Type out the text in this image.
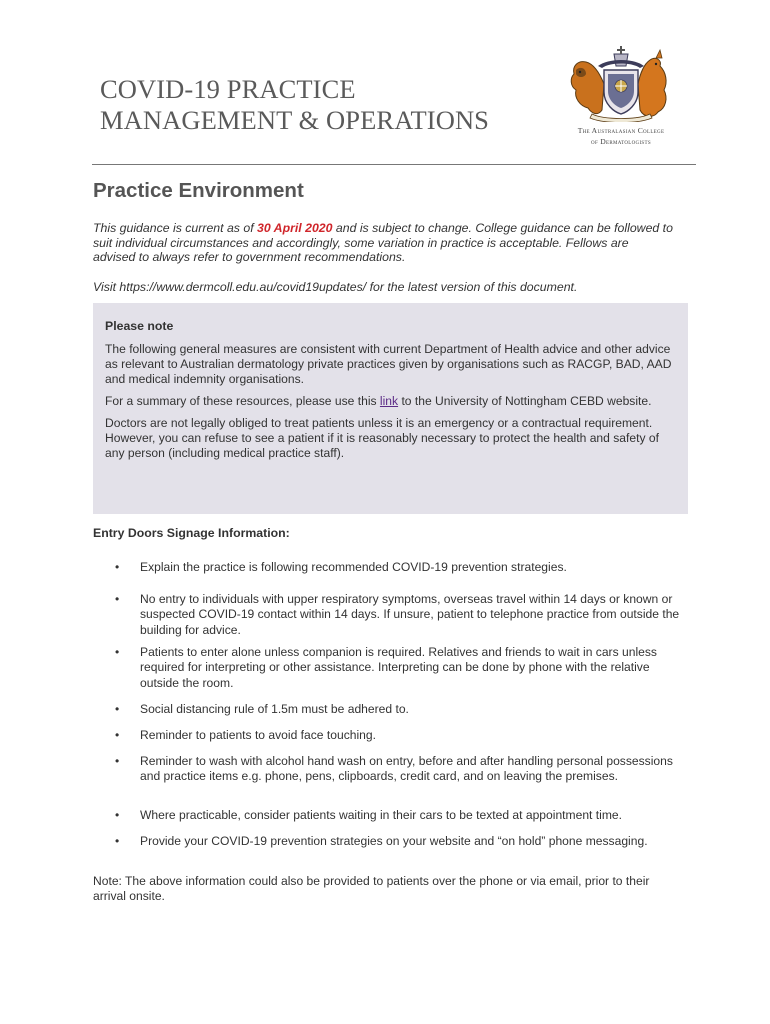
COVID-19 PRACTICE
MANAGEMENT & OPERATIONS	The Australasian College
of Dermatologists
Practice Environment

This guidance is current as of 30 April 2020 and is subject to change. College guidance can be followed to suit individual circumstances and accordingly, some variation in practice is acceptable. Fellows are advised to always refer to government recommendations.

Visit https://www.dermcoll.edu.au/covid19updates/ for the latest version of this document.

Please note

The following general measures are consistent with current Department of Health advice and other advice as relevant to Australian dermatology private practices given by organisations such as RACGP, BAD, AAD and medical indemnity organisations.

For a summary of these resources, please use this link to the University of Nottingham CEBD website.

Doctors are not legally obliged to treat patients unless it is an emergency or a contractual requirement. However, you can refuse to see a patient if it is reasonably necessary to protect the health and safety of any person (including medical practice staff).

Entry Doors Signage Information:
• Explain the practice is following recommended COVID-19 prevention strategies.
• No entry to individuals with upper respiratory symptoms, overseas travel within 14 days or known or suspected COVID-19 contact within 14 days. If unsure, patient to telephone practice from outside the building for advice.
• Patients to enter alone unless companion is required. Relatives and friends to wait in cars unless required for interpreting or other assistance. Interpreting can be done by phone with the relative outside the room.
• Social distancing rule of 1.5m must be adhered to.
• Reminder to patients to avoid face touching.
• Reminder to wash with alcohol hand wash on entry, before and after handling personal possessions and practice items e.g. phone, pens, clipboards, credit card, and on leaving the premises.
• Where practicable, consider patients waiting in their cars to be texted at appointment time.
• Provide your COVID-19 prevention strategies on your website and “on hold” phone messaging.

Note: The above information could also be provided to patients over the phone or via email, prior to their arrival onsite.
